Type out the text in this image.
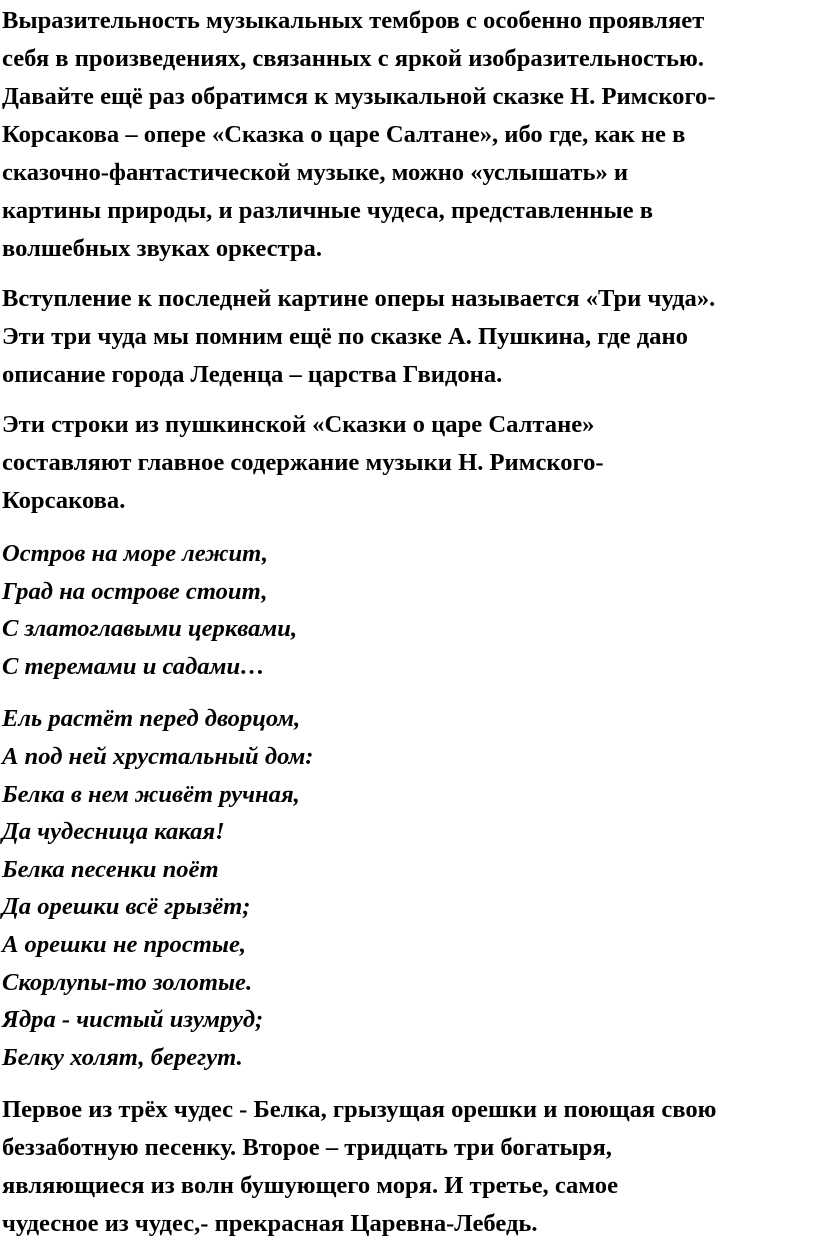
Выразительность музыкальных тембров с особенно проявляет
себя в произведениях, связанных с яркой изобразительностью.
Давайте ещё раз обратимся к музыкальной сказке Н. Римского-
Корсакова – опере «Сказка о царе Салтане», ибо где, как не в
сказочно-фантастической музыке, можно «услышать» и
картины природы, и различные чудеса, представленные в
волшебных звуках оркестра.

Вступление к последней картине оперы называется «Три чуда».
Эти три чуда мы помним ещё по сказке А. Пушкина, где дано
описание города Леденца – царства Гвидона.

Эти строки из пушкинской «Сказки о царе Салтане»
составляют главное содержание музыки Н. Римского-
Корсакова.

Остров на море лежит,
Град на острове стоит,
С златоглавыми церквами,
С теремами и садами…

Ель растёт перед дворцом,
А под ней хрустальный дом:
Белка в нем живёт ручная,
Да чудесница какая!
Белка песенки поёт
Да орешки всё грызёт;
А орешки не простые,
Скорлупы-то золотые.
Ядра - чистый изумруд;
Белку холят, берегут.

Первое из трёх чудес - Белка, грызущая орешки и поющая свою
беззаботную песенку. Второе – тридцать три богатыря,
являющиеся из волн бушующего моря. И третье, самое
чудесное из чудес,- прекрасная Царевна-Лебедь.
